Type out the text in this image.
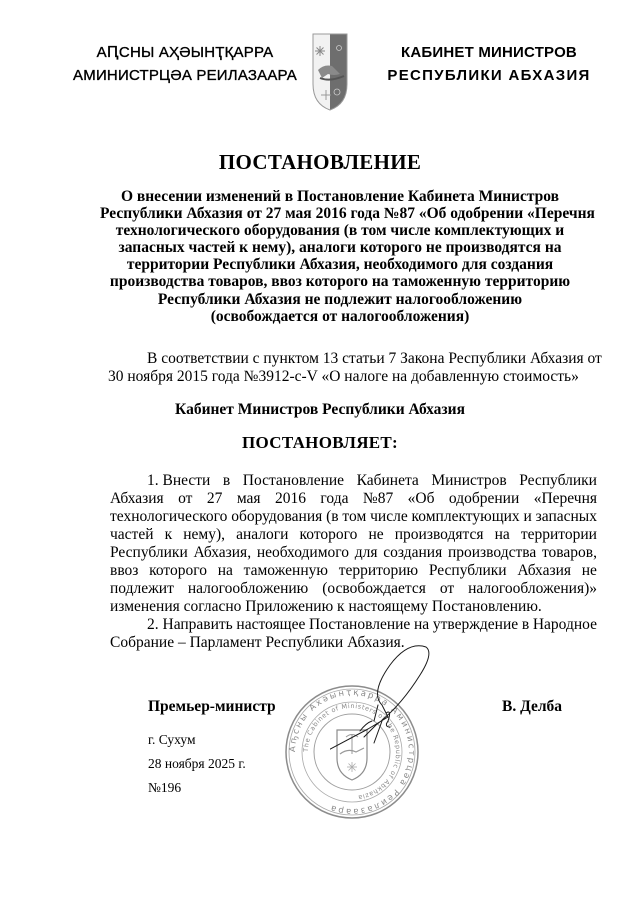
АԤСНЫ АҲӘЫНҬҚАРРА
АМИНИСТРЦӘА РЕИЛАЗААРА
КАБИНЕТ МИНИСТРОВ
РЕСПУБЛИКИ АБХАЗИЯ
ПОСТАНОВЛЕНИЕ
О внесении изменений в Постановление Кабинета Министров
Республики Абхазия от 27 мая 2016 года №87 «Об одобрении «Перечня
технологического оборудования (в том числе комплектующих и
запасных частей к нему), аналоги которого не производятся на
территории Республики Абхазия, необходимого для создания
производства товаров, ввоз которого на таможенную территорию
Республики Абхазия не подлежит налогообложению
(освобождается от налогообложения)
В соответствии с пунктом 13 статьи 7 Закона Республики Абхазия от
30 ноября 2015 года №3912-с-V «О налоге на добавленную стоимость»
Кабинет Министров Республики Абхазия
ПОСТАНОВЛЯЕТ:
1. Внести в Постановление Кабинета Министров Республики
Абхазия от 27 мая 2016 года №87 «Об одобрении «Перечня
технологического оборудования (в том числе комплектующих и запасных
частей к нему), аналоги которого не производятся на территории
Республики Абхазия, необходимого для создания производства товаров,
ввоз которого на таможенную территорию Республики Абхазия не
подлежит налогообложению (освобождается от налогообложения)»
изменения согласно Приложению к настоящему Постановлению.
2. Направить настоящее Постановление на утверждение в Народное
Собрание – Парламент Республики Абхазия.
Аҧсны Ахәынҭқарра Аминистрцәа Реилазаара
The Cabinet of Ministers of the Republic of Abkhazia
Премьер-министр	В. Делба
г. Сухум
28 ноября 2025 г.
№196
